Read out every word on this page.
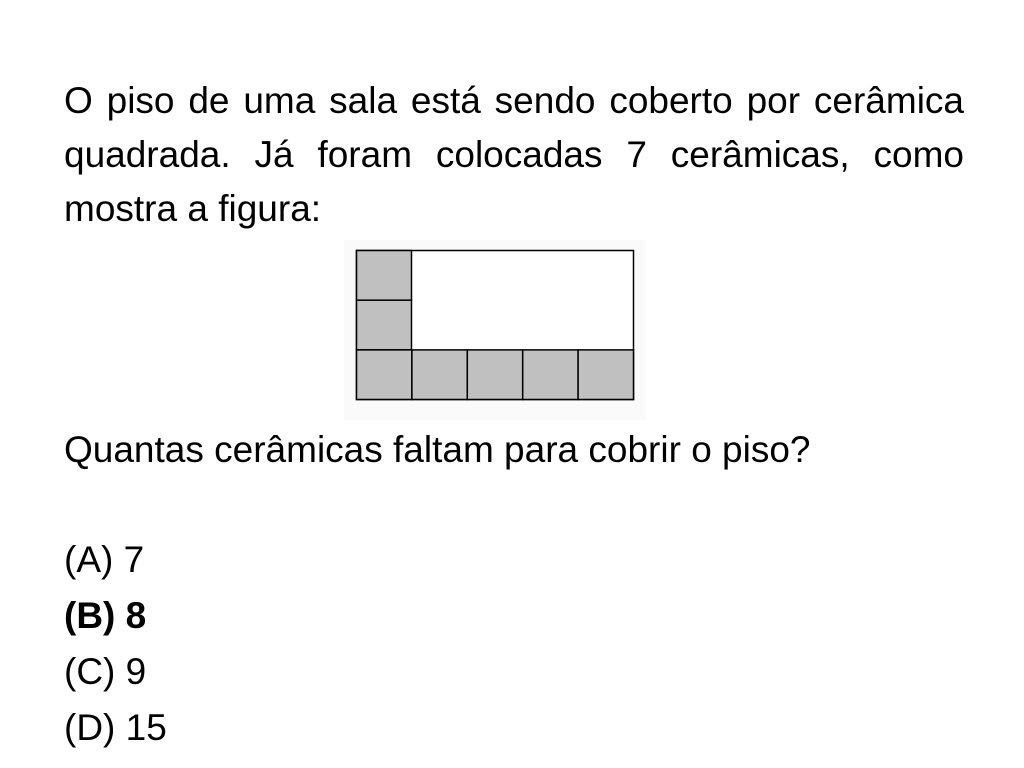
O piso de uma sala está sendo coberto por cerâmica quadrada. Já foram colocadas 7 cerâmicas, como mostra a figura:

Quantas cerâmicas faltam para cobrir o piso?

(A) 7
(B) 8
(C) 9
(D) 15
